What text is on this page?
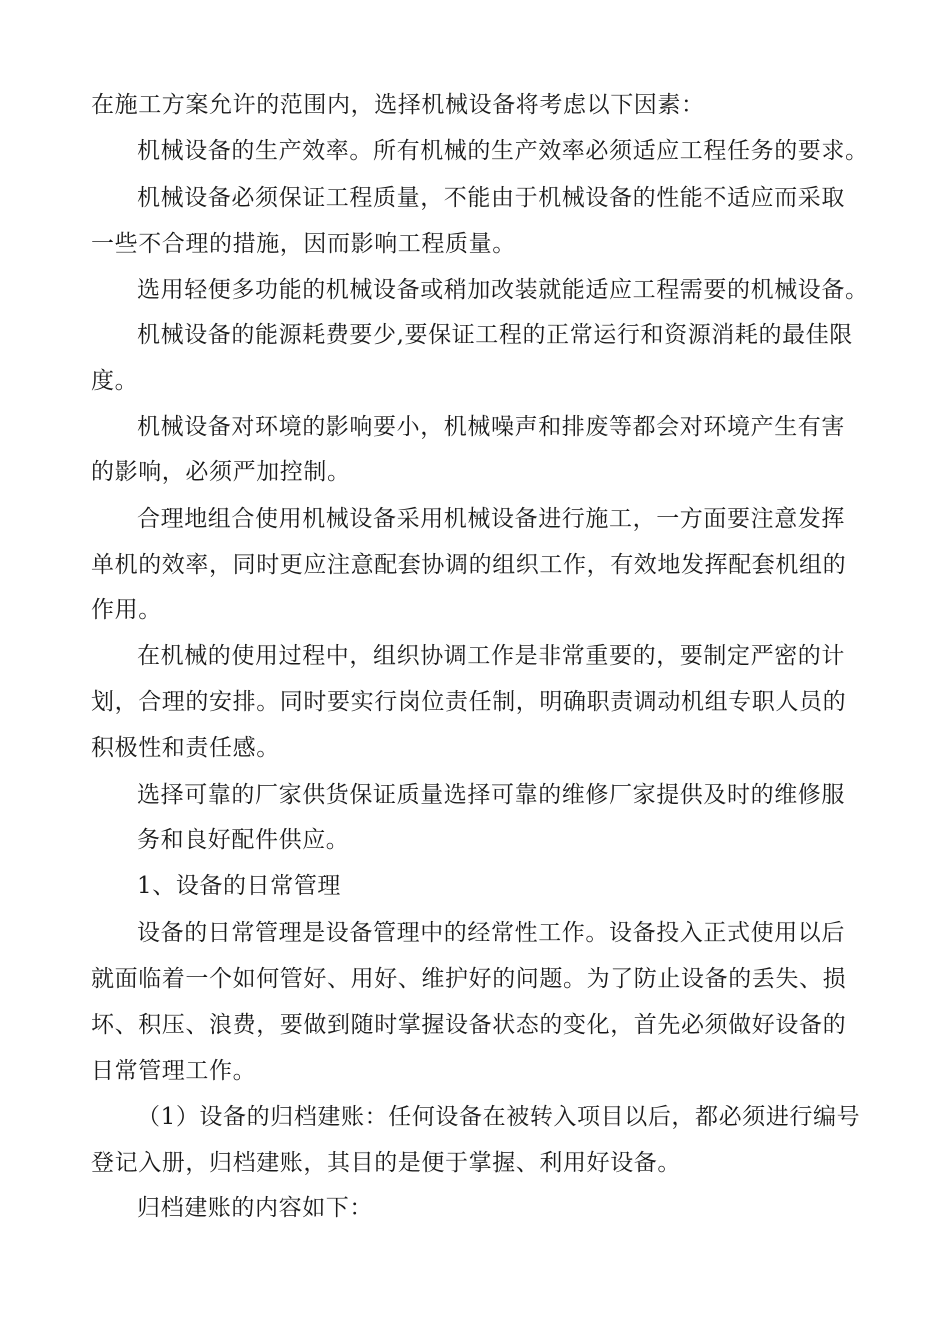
在施工方案允许的范围内，选择机械设备将考虑以下因素：
机械设备的生产效率。所有机械的生产效率必须适应工程任务的要求。
机械设备必须保证工程质量，不能由于机械设备的性能不适应而采取
一些不合理的措施，因而影响工程质量。
选用轻便多功能的机械设备或稍加改装就能适应工程需要的机械设备。
机械设备的能源耗费要少,要保证工程的正常运行和资源消耗的最佳限
度。
机械设备对环境的影响要小，机械噪声和排废等都会对环境产生有害
的影响，必须严加控制。
合理地组合使用机械设备采用机械设备进行施工，一方面要注意发挥
单机的效率，同时更应注意配套协调的组织工作，有效地发挥配套机组的
作用。
在机械的使用过程中，组织协调工作是非常重要的，要制定严密的计
划，合理的安排。同时要实行岗位责任制，明确职责调动机组专职人员的
积极性和责任感。
选择可靠的厂家供货保证质量选择可靠的维修厂家提供及时的维修服
务和良好配件供应。
1、设备的日常管理
设备的日常管理是设备管理中的经常性工作。设备投入正式使用以后
就面临着一个如何管好、用好、维护好的问题。为了防止设备的丢失、损
坏、积压、浪费，要做到随时掌握设备状态的变化，首先必须做好设备的
日常管理工作。
（1）设备的归档建账：任何设备在被转入项目以后，都必须进行编号
登记入册，归档建账，其目的是便于掌握、利用好设备。
归档建账的内容如下：
